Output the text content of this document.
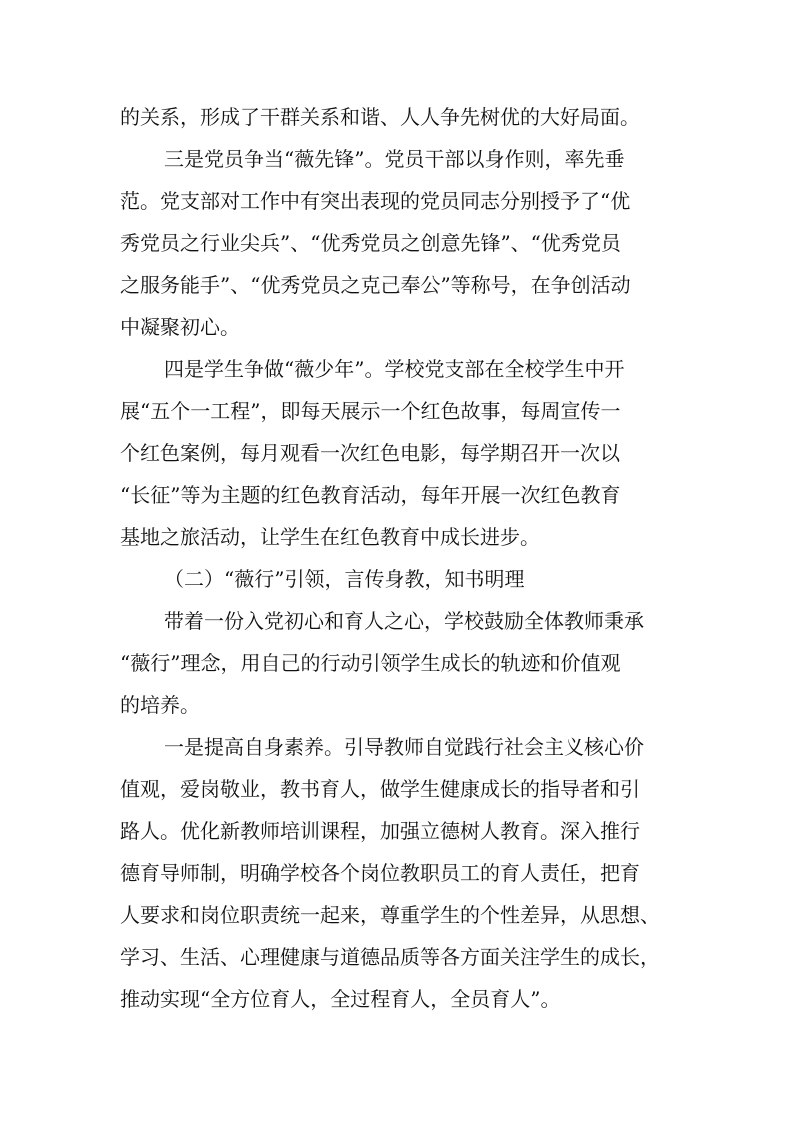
的关系，形成了干群关系和谐、人人争先树优的大好局面。
三是党员争当“薇先锋”。党员干部以身作则，率先垂
范。党支部对工作中有突出表现的党员同志分别授予了“优
秀党员之行业尖兵”、“优秀党员之创意先锋”、“优秀党员
之服务能手”、“优秀党员之克己奉公”等称号，在争创活动
中凝聚初心。
四是学生争做“薇少年”。学校党支部在全校学生中开
展“五个一工程”，即每天展示一个红色故事，每周宣传一
个红色案例，每月观看一次红色电影，每学期召开一次以
“长征”等为主题的红色教育活动，每年开展一次红色教育
基地之旅活动，让学生在红色教育中成长进步。
（二）“薇行”引领，言传身教，知书明理
带着一份入党初心和育人之心，学校鼓励全体教师秉承
“薇行”理念，用自己的行动引领学生成长的轨迹和价值观
的培养。
一是提高自身素养。引导教师自觉践行社会主义核心价
值观，爱岗敬业，教书育人，做学生健康成长的指导者和引
路人。优化新教师培训课程，加强立德树人教育。深入推行
德育导师制，明确学校各个岗位教职员工的育人责任，把育
人要求和岗位职责统一起来，尊重学生的个性差异，从思想、
学习、生活、心理健康与道德品质等各方面关注学生的成长，
推动实现“全方位育人，全过程育人，全员育人”。
